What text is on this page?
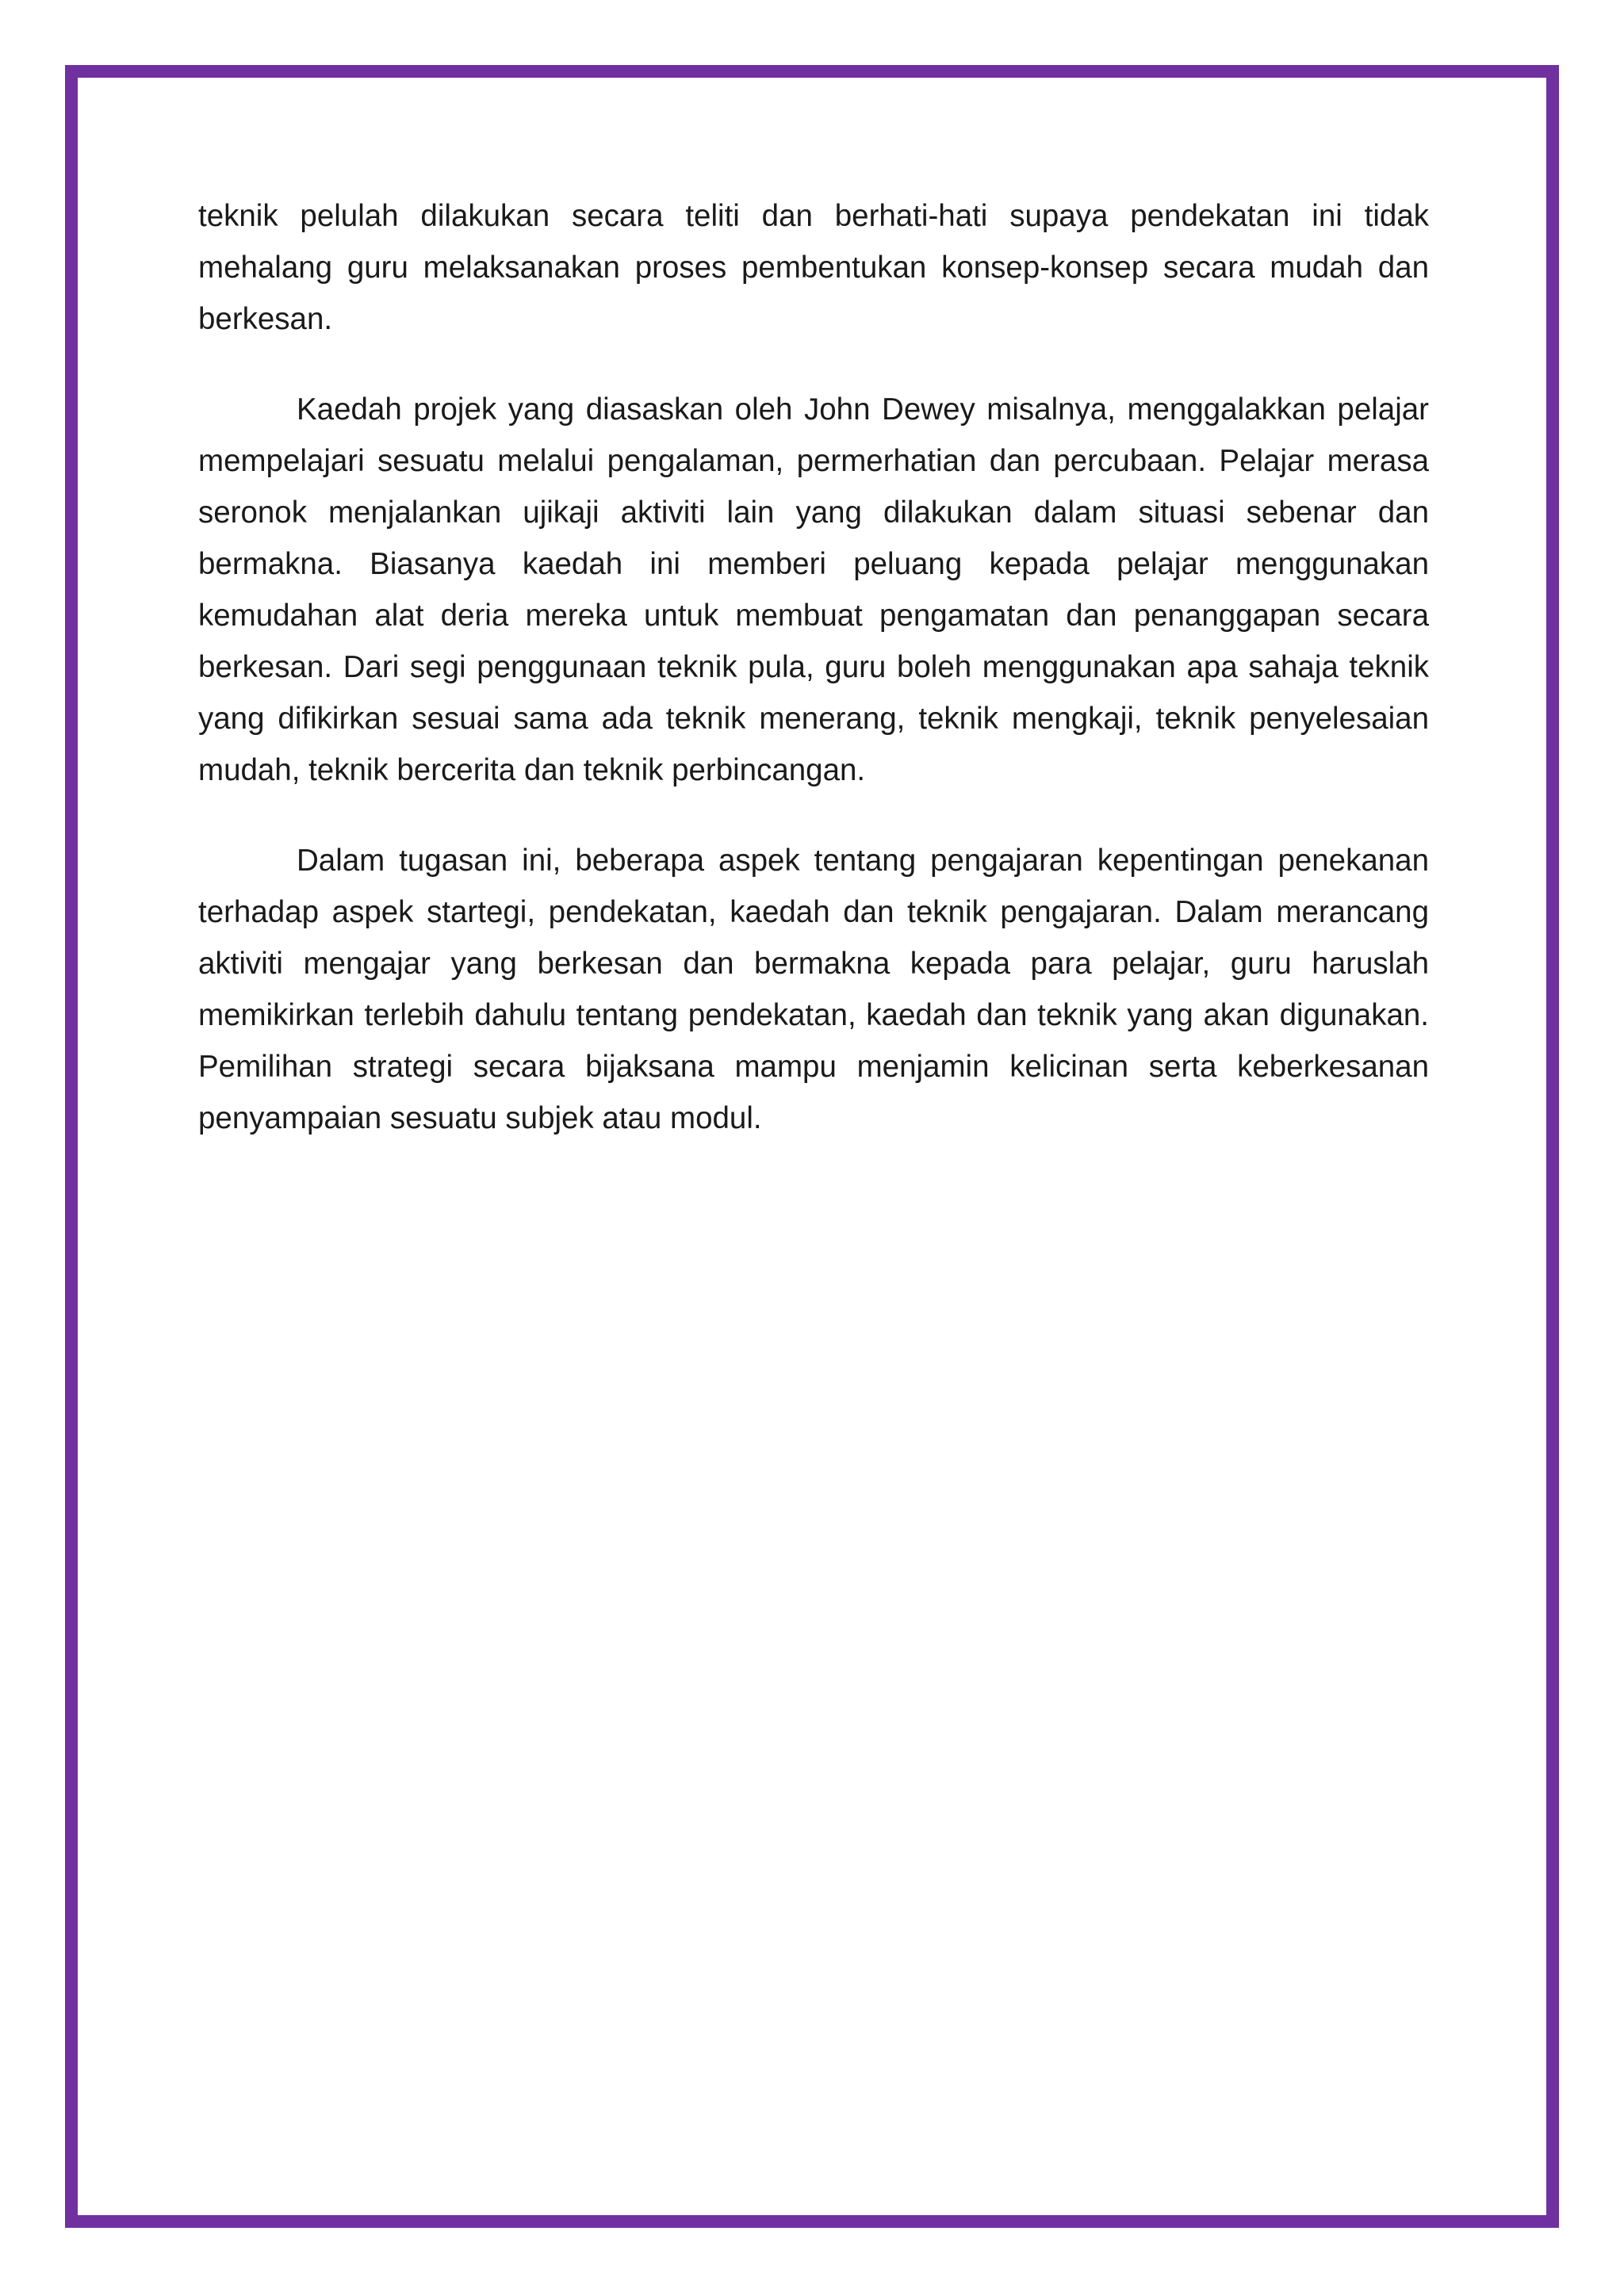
teknik pelulah dilakukan secara teliti dan berhati-hati supaya pendekatan ini tidak mehalang guru melaksanakan proses pembentukan konsep-konsep secara mudah dan berkesan.

Kaedah projek yang diasaskan oleh John Dewey misalnya, menggalakkan pelajar mempelajari sesuatu melalui pengalaman, permerhatian dan percubaan. Pelajar merasa seronok menjalankan ujikaji aktiviti lain yang dilakukan dalam situasi sebenar dan bermakna. Biasanya kaedah ini memberi peluang kepada pelajar menggunakan kemudahan alat deria mereka untuk membuat pengamatan dan penanggapan secara berkesan. Dari segi penggunaan teknik pula, guru boleh menggunakan apa sahaja teknik yang difikirkan sesuai sama ada teknik menerang, teknik mengkaji, teknik penyelesaian mudah, teknik bercerita dan teknik perbincangan.

Dalam tugasan ini, beberapa aspek tentang pengajaran kepentingan penekanan terhadap aspek startegi, pendekatan, kaedah dan teknik pengajaran. Dalam merancang aktiviti mengajar yang berkesan dan bermakna kepada para pelajar, guru haruslah memikirkan terlebih dahulu tentang pendekatan, kaedah dan teknik yang akan digunakan. Pemilihan strategi secara bijaksana mampu menjamin kelicinan serta keberkesanan penyampaian sesuatu subjek atau modul.
